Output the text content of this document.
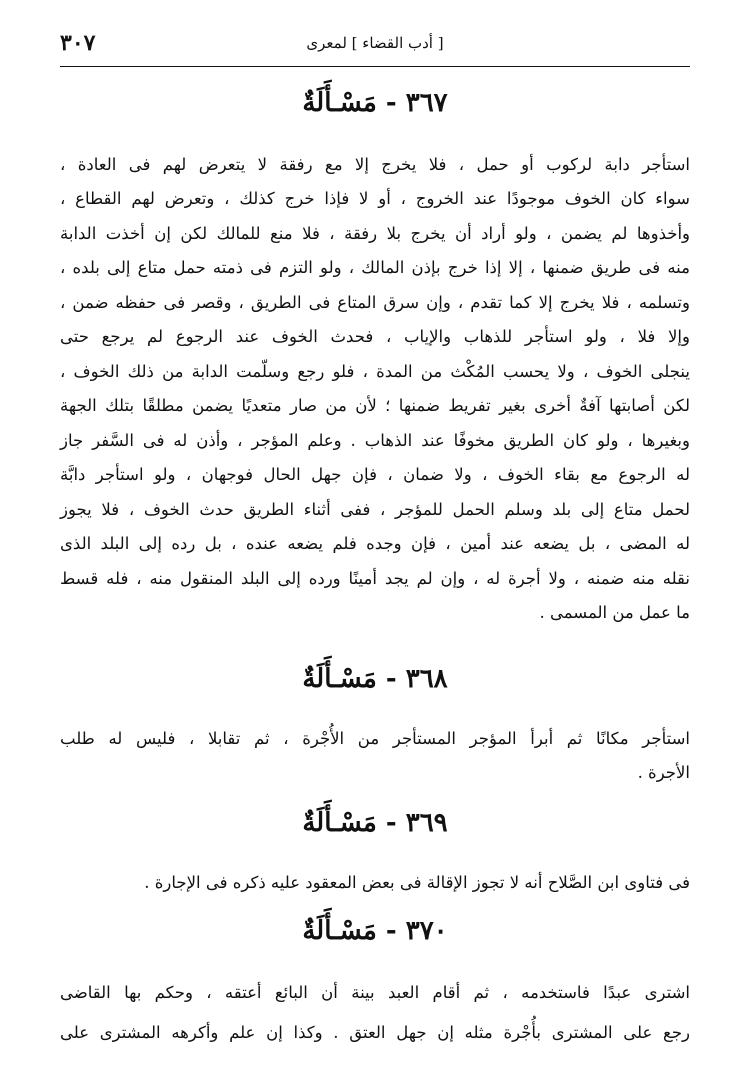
٣٠٧	[ أدب القضاء ] لمعرى
٣٦٧ - مَسْـأَلَةٌ
استأجر دابة لركوب أو حمل ، فلا يخرج إلا مع رفقة لا يتعرض لهم فى العادة ،
سواء كان الخوف موجودًا عند الخروج ، أو لا فإذا خرج كذلك ، وتعرض لهم القطاع ،
وأخذوها لم يضمن ، ولو أراد أن يخرج بلا رفقة ، فلا منع للمالك لكن إن أخذت الدابة
منه فى طريق ضمنها ، إلا إذا خرج بإذن المالك ، ولو التزم فى ذمته حمل متاع إلى بلده ،
وتسلمه ، فلا يخرج إلا كما تقدم ، وإن سرق المتاع فى الطريق ، وقصر فى حفظه ضمن ،
وإلا فلا ، ولو استأجر للذهاب والإياب ، فحدث الخوف عند الرجوع لم يرجع حتى
ينجلى الخوف ، ولا يحسب المُكْث من المدة ، فلو رجع وسلّمت الدابة من ذلك الخوف ،
لكن أصابتها آفةٌ أخرى بغير تفريط ضمنها ؛ لأن من صار متعديًا يضمن مطلقًا بتلك الجهة
وبغيرها ، ولو كان الطريق مخوفًا عند الذهاب . وعلم المؤجر ، وأذن له فى السَّفر جاز
له الرجوع مع بقاء الخوف ، ولا ضمان ، فإن جهل الحال فوجهان ، ولو استأجر دابَّة
لحمل متاع إلى بلد وسلم الحمل للمؤجر ، ففى أثناء الطريق حدث الخوف ، فلا يجوز
له المضى ، بل يضعه عند أمين ، فإن وجده فلم يضعه عنده ، بل رده إلى البلد الذى
نقله منه ضمنه ، ولا أجرة له ، وإن لم يجد أمينًا ورده إلى البلد المنقول منه ، فله قسط
ما عمل من المسمى .
٣٦٨ - مَسْـأَلَةٌ
استأجر مكانًا ثم أبرأ المؤجر المستأجر من الأُجْرة ، ثم تقابلا ، فليس له طلب
الأجرة .
٣٦٩ - مَسْـأَلَةٌ
فى فتاوى ابن الصَّلاح أنه لا تجوز الإقالة فى بعض المعقود عليه ذكره فى الإجارة .
٣٧٠ - مَسْـأَلَةٌ
اشترى عبدًا فاستخدمه ، ثم أقام العبد بينة أن البائع أعتقه ، وحكم بها القاضى
رجع على المشترى بأُجْرة مثله إن جهل العتق . وكذا إن علم وأكرهه المشترى على
